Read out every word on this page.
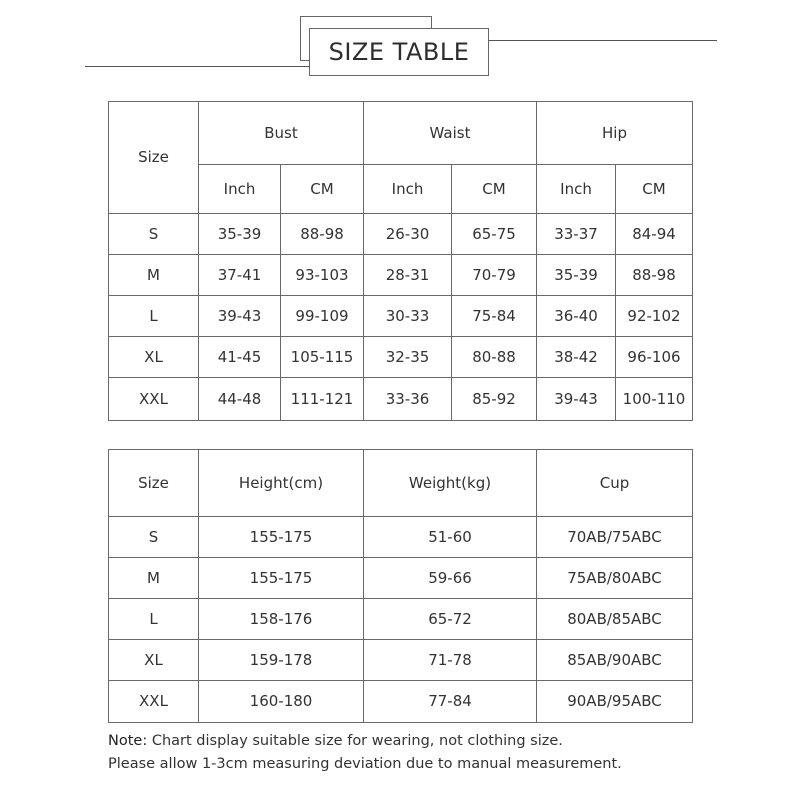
SIZE TABLE
Size	Bust		Waist		Hip	
	Inch	CM	Inch	CM	Inch	CM
S	35-39	88-98	26-30	65-75	33-37	84-94
M	37-41	93-103	28-31	70-79	35-39	88-98
L	39-43	99-109	30-33	75-84	36-40	92-102
XL	41-45	105-115	32-35	80-88	38-42	96-106
XXL	44-48	111-121	33-36	85-92	39-43	100-110
Size	Height(cm)	Weight(kg)	Cup
S	155-175	51-60	70AB/75ABC
M	155-175	59-66	75AB/80ABC
L	158-176	65-72	80AB/85ABC
XL	159-178	71-78	85AB/90ABC
XXL	160-180	77-84	90AB/95ABC
Note: Chart display suitable size for wearing, not clothing size.
Please allow 1-3cm measuring deviation due to manual measurement.
